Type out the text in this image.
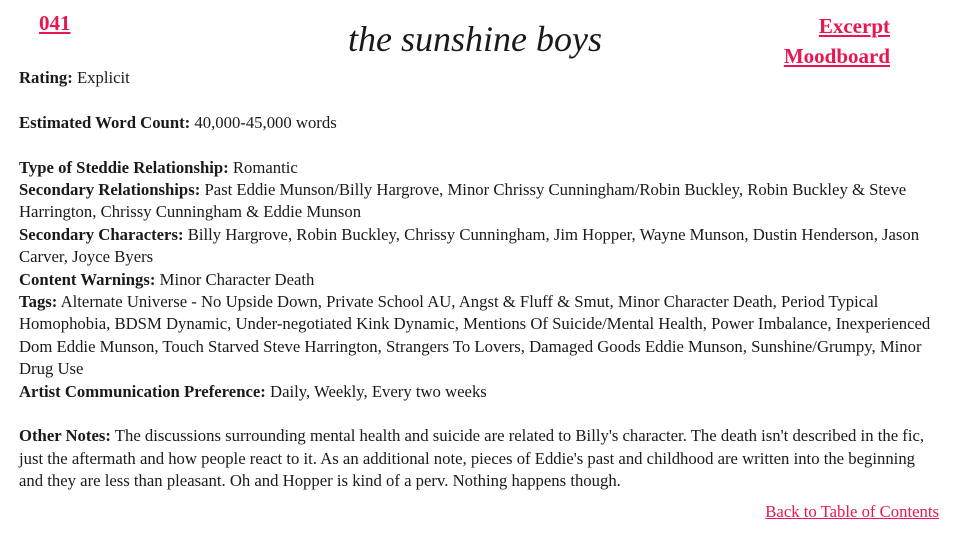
041	the sunshine boys	Excerpt
Moodboard

Rating: Explicit

Estimated Word Count: 40,000-45,000 words

Type of Steddie Relationship: Romantic

Secondary Relationships: Past Eddie Munson/Billy Hargrove, Minor Chrissy Cunningham/Robin Buckley, Robin Buckley & Steve Harrington, Chrissy Cunningham & Eddie Munson

Secondary Characters: Billy Hargrove, Robin Buckley, Chrissy Cunningham, Jim Hopper, Wayne Munson, Dustin Henderson, Jason Carver, Joyce Byers

Content Warnings: Minor Character Death

Tags: Alternate Universe - No Upside Down, Private School AU, Angst & Fluff & Smut, Minor Character Death, Period Typical Homophobia, BDSM Dynamic, Under-negotiated Kink Dynamic, Mentions Of Suicide/Mental Health, Power Imbalance, Inexperienced Dom Eddie Munson, Touch Starved Steve Harrington, Strangers To Lovers, Damaged Goods Eddie Munson, Sunshine/Grumpy, Minor Drug Use

Artist Communication Preference: Daily, Weekly, Every two weeks

Other Notes: The discussions surrounding mental health and suicide are related to Billy's character. The death isn't described in the fic, just the aftermath and how people react to it. As an additional note, pieces of Eddie's past and childhood are written into the beginning and they are less than pleasant. Oh and Hopper is kind of a perv. Nothing happens though.

Back to Table of Contents
